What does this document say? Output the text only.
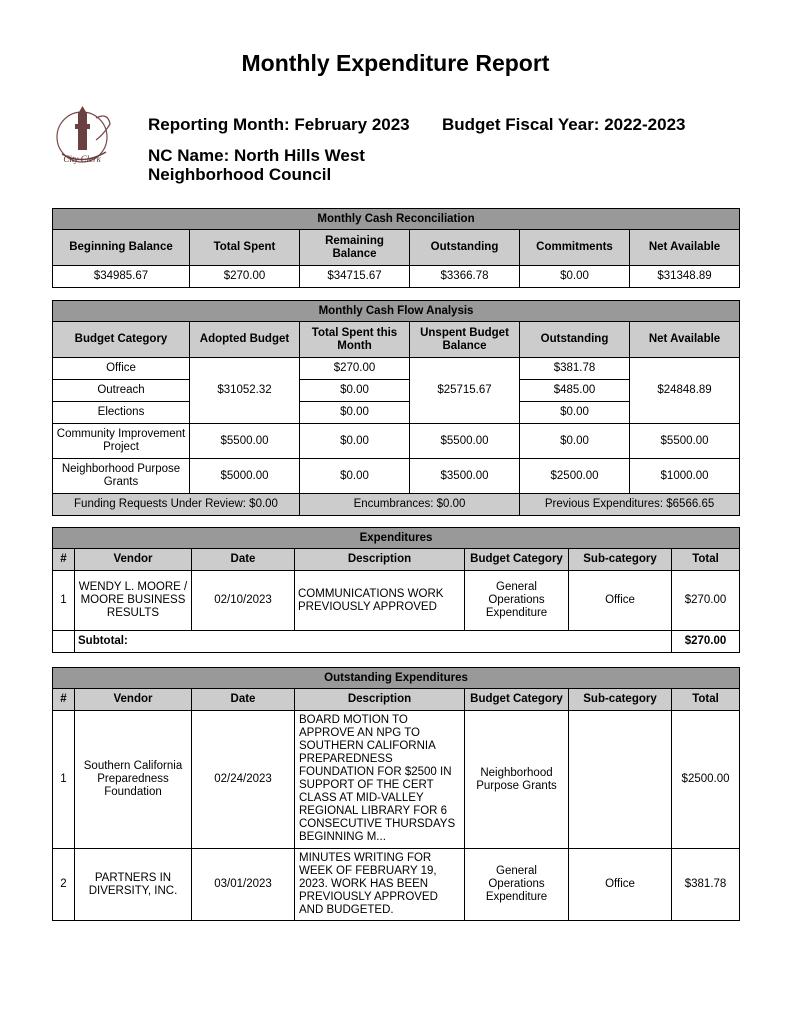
Monthly Expenditure Report
City Clerk
Reporting Month: February 2023 Budget Fiscal Year: 2022-2023
NC Name: North Hills West
Neighborhood Council
Monthly Cash Reconciliation					
Beginning Balance	Total Spent	Remaining Balance	Outstanding	Commitments	Net Available
$34985.67	$270.00	$34715.67	$3366.78	$0.00	$31348.89
Monthly Cash Flow Analysis					
Budget Category	Adopted Budget	Total Spent this Month	Unspent Budget Balance	Outstanding	Net Available
Office	$31052.32	$270.00	$25715.67	$381.78	$24848.89
Outreach		$0.00		$485.00	
Elections		$0.00		$0.00	
Community Improvement Project	$5500.00	$0.00	$5500.00	$0.00	$5500.00
Neighborhood Purpose Grants	$5000.00	$0.00	$3500.00	$2500.00	$1000.00
Funding Requests Under Review: $0.00		Encumbrances: $0.00		Previous Expenditures: $6566.65	
Expenditures						
#	Vendor	Date	Description	Budget Category	Sub-category	Total
1	WENDY L. MOORE / MOORE BUSINESS RESULTS	02/10/2023	COMMUNICATIONS WORK PREVIOUSLY APPROVED	General Operations Expenditure	Office	$270.00
	Subtotal:					$270.00
Outstanding Expenditures						
#	Vendor	Date	Description	Budget Category	Sub-category	Total
1	Southern California Preparedness Foundation	02/24/2023	BOARD MOTION TO APPROVE AN NPG TO SOUTHERN CALIFORNIA PREPAREDNESS FOUNDATION FOR $2500 IN SUPPORT OF THE CERT CLASS AT MID-VALLEY REGIONAL LIBRARY FOR 6 CONSECUTIVE THURSDAYS BEGINNING M...	Neighborhood Purpose Grants		$2500.00
2	PARTNERS IN DIVERSITY, INC.	03/01/2023	MINUTES WRITING FOR WEEK OF FEBRUARY 19, 2023. WORK HAS BEEN PREVIOUSLY APPROVED AND BUDGETED.	General Operations Expenditure	Office	$381.78
